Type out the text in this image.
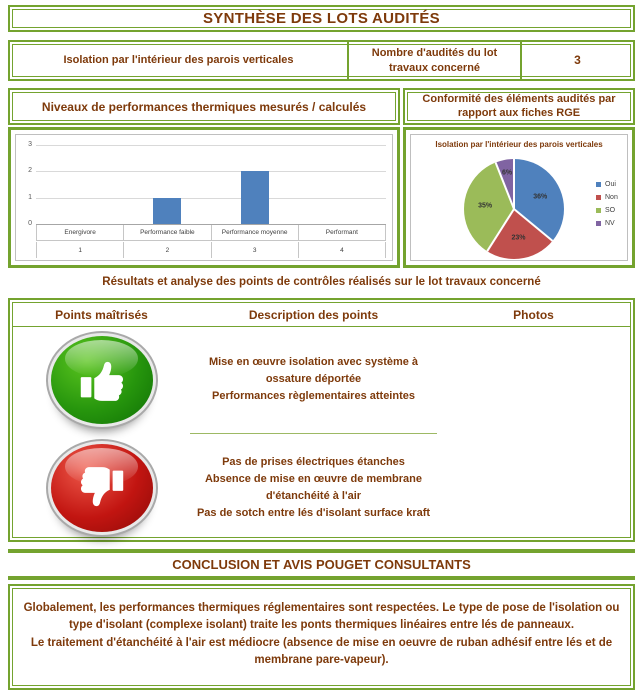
SYNTHÈSE DES LOTS AUDITÉS
Isolation par l'intérieur des parois verticales
Nombre d'audités du lot
travaux concerné
3
Niveaux de performances thermiques mesurés / calculés
Conformité des éléments audités par rapport aux fiches RGE
0
1
2
3
Energivore	Performance faible	Performance moyenne	Performant
1	2	3	4
Isolation par l'intérieur des parois verticales
36%
23%
35%
6%
Oui
Non
SO
NV
Résultats et analyse des points de contrôles réalisés sur le lot travaux concerné
Points maîtrisés	Description des points	Photos
Mise en œuvre isolation avec système à
ossature déportée
Performances règlementaires atteintes
Pas de prises électriques étanches
Absence de mise en œuvre de membrane
d'étanchéité à l'air
Pas de sotch entre lés d'isolant surface kraft
CONCLUSION ET AVIS POUGET CONSULTANTS
Globalement, les performances thermiques réglementaires sont respectées. Le type de pose de l'isolation ou type d'isolant (complexe isolant) traite les ponts thermiques linéaires entre lés de panneaux.
Le traitement d'étanchéité à l'air est médiocre (absence de mise en oeuvre de ruban adhésif entre lés et de membrane pare-vapeur).
